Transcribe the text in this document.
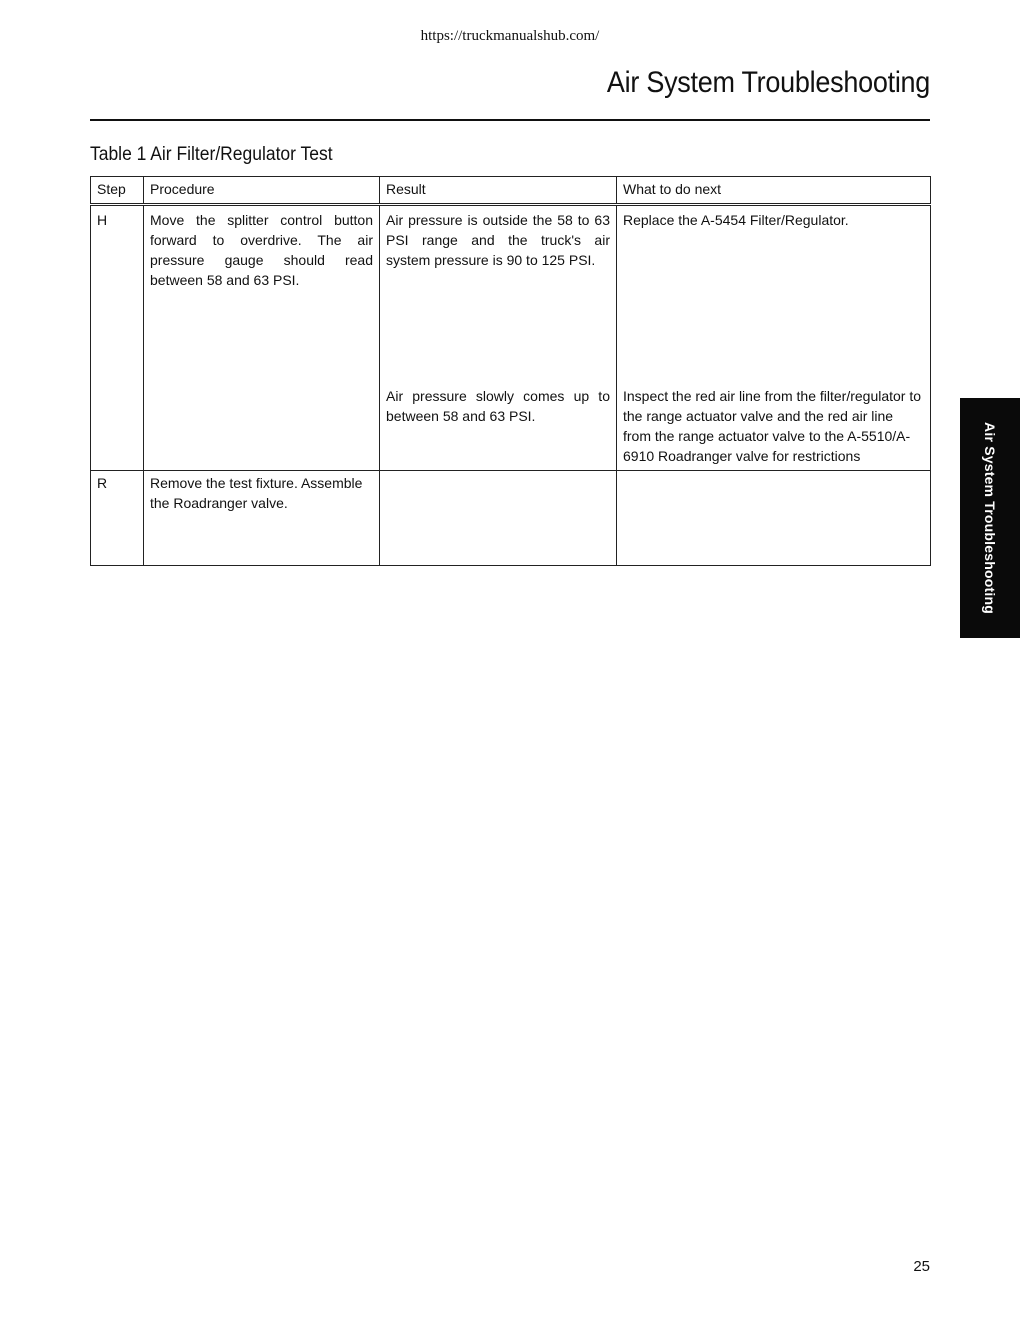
https://truckmanualshub.com/
Air System Troubleshooting
Table 1 Air Filter/Regulator Test
Step	Procedure	Result	What to do next
H	Move the splitter control button forward to overdrive. The air pressure gauge should read between 58 and 63 PSI.	Air pressure is outside the 58 to 63 PSI range and the truck's air system pressure is 90 to 125 PSI.	Replace the A-5454 Filter/Regulator.
		Air pressure slowly comes up to between 58 and 63 PSI.	Inspect the red air line from the filter/regulator to the range actuator valve and the red air line from the range actuator valve to the A-5510/A-6910 Roadranger valve for restrictions
R	Remove the test fixture. Assemble the Roadranger valve.			Air System Troubleshooting
25
